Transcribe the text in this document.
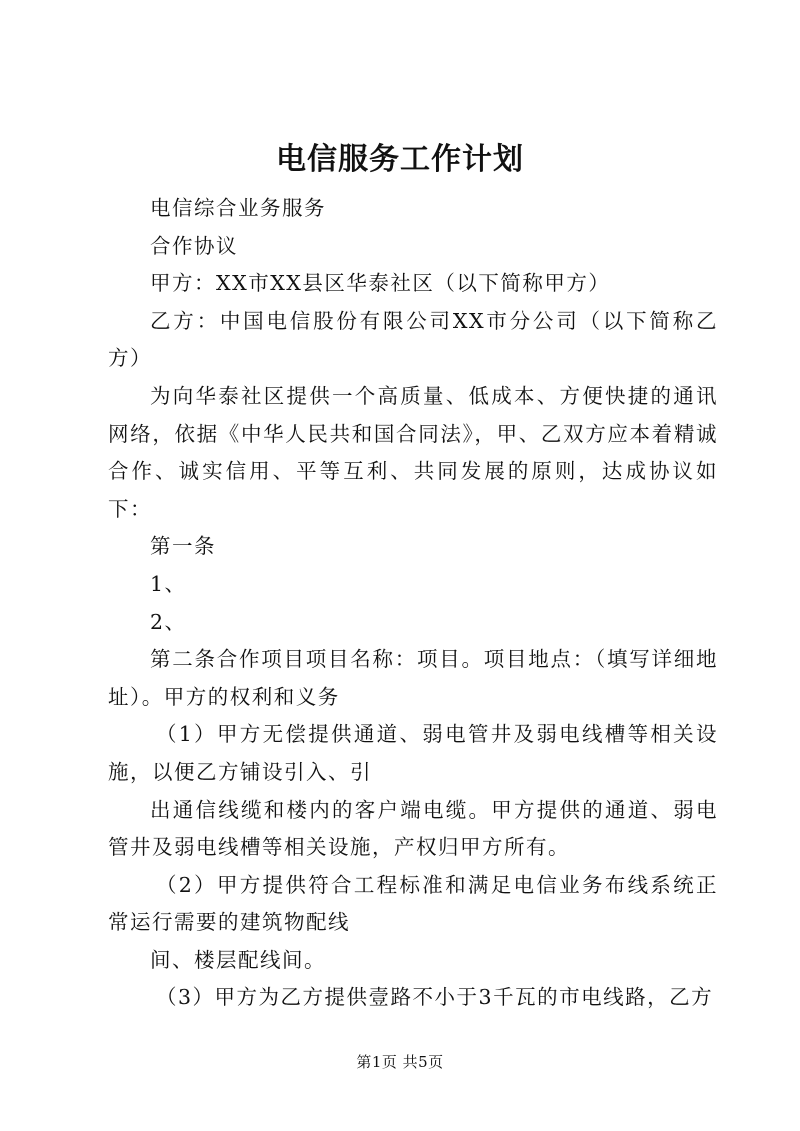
电信服务工作计划

电信综合业务服务

合作协议

甲方：XX市XX县区华泰社区（以下简称甲方）

乙方：中国电信股份有限公司XX市分公司（以下简称乙方）

为向华泰社区提供一个高质量、低成本、方便快捷的通讯网络，依据《中华人民共和国合同法》，甲、乙双方应本着精诚合作、诚实信用、平等互利、共同发展的原则，达成协议如下：

第一条

1、

2、

第二条合作项目项目名称：项目。项目地点：（填写详细地址）。甲方的权利和义务

（1）甲方无偿提供通道、弱电管井及弱电线槽等相关设施，以便乙方铺设引入、引

出通信线缆和楼内的客户端电缆。甲方提供的通道、弱电管井及弱电线槽等相关设施，产权归甲方所有。

（2）甲方提供符合工程标准和满足电信业务布线系统正常运行需要的建筑物配线

间、楼层配线间。

（3）甲方为乙方提供壹路不小于3千瓦的市电线路，乙方

第1页 共5页
